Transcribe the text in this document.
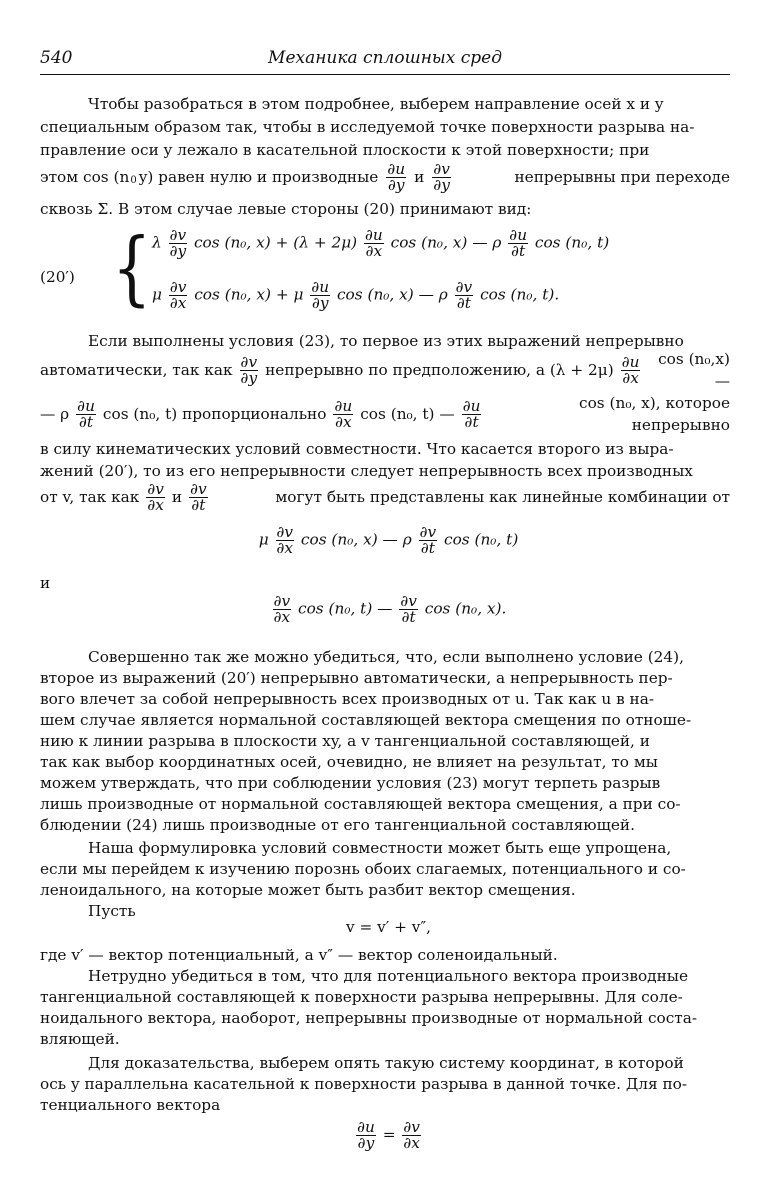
540	Механика сплошных сред
Чтобы разобраться в этом подробнее, выберем направление осей x и y
специальным образом так, чтобы в исследуемой точке поверхности разрыва на-
правление оси y лежало в касательной плоскости к этой поверхности; при
этом cos (n 0 y) равен нулю и производные $\frac{\partial u}{\partial y}$ и $\frac{\partial v}{\partial y}$	непрерывны при переходе
сквозь Σ. В этом случае левые стороны (20) принимают вид:
(20′) { λ $\frac{\partial v}{\partial y}$ cos (n₀, $x) + (\lambda + 2\mu) \frac{\partial u}{\partial x}$ cos (n₀, x) — ρ $\frac{\partial u}{\partial t}$ cos (n₀, t)
μ $\frac{\partial v}{\partial x}$ cos (n₀, x) + μ $\frac{\partial u}{\partial y}$ cos (n₀, x) — ρ $\frac{\partial v}{\partial t}$ cos (n₀, t).
Если выполнены условия (23), то первое из этих выражений непрерывно
автоматически, так как $\frac{\partial v}{\partial y}$ непрерывно по предположению, а $(\lambda + 2\mu) \frac{\partial u}{\partial x}$	cos (n₀,x) —
— ρ $\frac{\partial u}{\partial t}$ cos (n₀, t) пропорционально $\frac{\partial u}{\partial x}$ cos (n₀, t) — $\frac{\partial u}{\partial t}$	cos (n₀, x), которое непрерывно
в силу кинематических условий совместности. Что касается второго из выра-
жений (20′), то из его непрерывности следует непрерывность всех производных
от v, так как $\frac{\partial v}{\partial x}$ и $\frac{\partial v}{\partial t}$	могут быть представлены как линейные комбинации от
μ $\frac{\partial v}{\partial x}$ cos (n₀, x) — ρ $\frac{\partial v}{\partial t}$ cos (n₀, t)
и
$\frac{\partial v}{\partial x}$ cos (n₀, t) — $\frac{\partial v}{\partial t}$ cos (n₀, x).
Совершенно так же можно убедиться, что, если выполнено условие (24),
второе из выражений (20′) непрерывно автоматически, а непрерывность пер-
вого влечет за собой непрерывность всех производных от u. Так как u в на-
шем случае является нормальной составляющей вектора смещения по отноше-
нию к линии разрыва в плоскости xy, а v тангенциальной составляющей, и
так как выбор координатных осей, очевидно, не влияет на результат, то мы
можем утверждать, что при соблюдении условия (23) могут терпеть разрыв
лишь производные от нормальной составляющей вектора смещения, а при со-
блюдении (24) лишь производные от его тангенциальной составляющей.
Наша формулировка условий совместности может быть еще упрощена,
если мы перейдем к изучению порознь обоих слагаемых, потенциального и со-
леноидального, на которые может быть разбит вектор смещения.
Пусть
v = v′ + v″,
где v′ — вектор потенциальный, а v″ — вектор соленоидальный.
Нетрудно убедиться в том, что для потенциального вектора производные
тангенциальной составляющей к поверхности разрыва непрерывны. Для соле-
ноидального вектора, наоборот, непрерывны производные от нормальной соста-
вляющей.
Для доказательства, выберем опять такую систему координат, в которой
ось y параллельна касательной к поверхности разрыва в данной точке. Для по-
тенциального вектора
$\frac{\partial u}{\partial y} = \frac{\partial v}{\partial x}$
